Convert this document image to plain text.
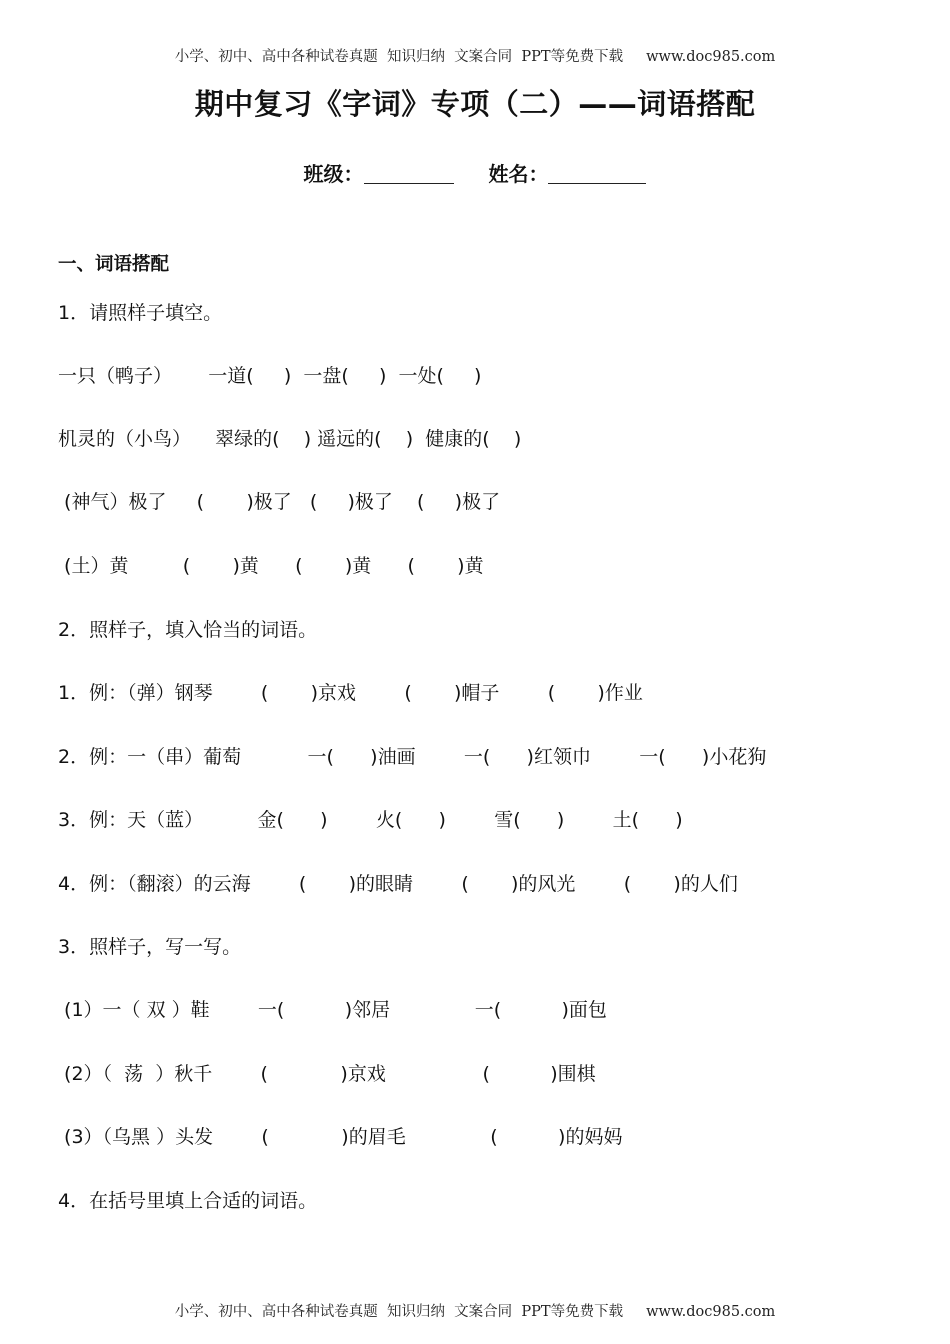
小学、初中、高中各种试卷真题  知识归纳  文案合同  PPT等免费下载     www.doc985.com
期中复习《字词》专项（二）——词语搭配
班级：	姓名：
一、词语搭配
1．请照样子填空。
一只（鸭子）      一道(     )  一盘(     )  一处(     )
机灵的（小鸟）    翠绿的(    ) 遥远的(    )  健康的(    )
(神气）极了     (       )极了   (     )极了    (     )极了
(土）黄         (       )黄      (       )黄      (       )黄
2．照样子，填入恰当的词语。
1．例：（弹）钢琴        (       )京戏        (       )帽子        (       )作业
2．例：一（串）葡萄           一(      )油画        一(      )红领巾        一(      )小花狗
3．例：天（蓝）         金(      )        火(      )        雪(      )        土(      )
4．例：（翻滚）的云海        (       )的眼睛        (       )的风光        (       )的人们
3．照样子，写一写。
(1）一（ 双 ）鞋        一(          )邻居              一(          )面包
(2）（  荡  ）秋千        (            )京戏                (          )围棋
(3）（乌黑 ）头发        (            )的眉毛              (          )的妈妈
4．在括号里填上合适的词语。
小学、初中、高中各种试卷真题  知识归纳  文案合同  PPT等免费下载     www.doc985.com
